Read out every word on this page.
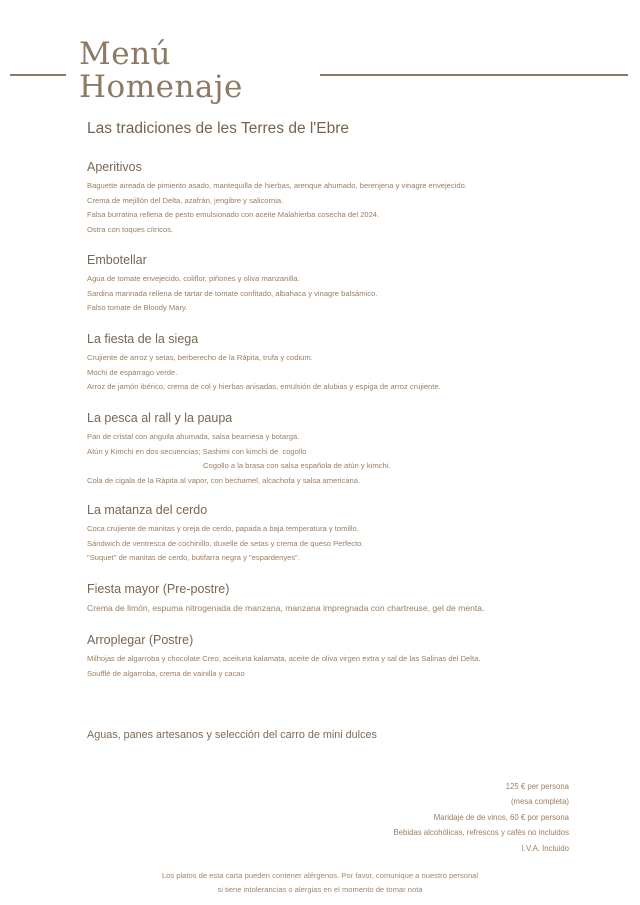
Menú
Homenaje
Las tradiciones de les Terres de l'Ebre
Aperitivos
Baguette aireada de pimiento asado, mantequilla de hierbas, arenque ahumado, berenjena y vinagre envejecido.
Crema de mejillón del Delta, azafrán, jengibre y salicornia.
Falsa burratina rellena de pesto emulsionado con aceite Malahierba cosecha del 2024.
Ostra con toques cítricos.
Embotellar
Agua de tomate envejecido, coliflor, piñones y oliva manzanilla.
Sardina marinada rellena de tartar de tomate confitado, albahaca y vinagre balsámico.
Falso tomate de Bloody Mary.
La fiesta de la siega
Crujiente de arroz y setas, berberecho de la Ràpita, trufa y codium.
Mochi de espárrago verde.
Arroz de jamón ibérico, crema de col y hierbas anisadas, emulsión de alubias y espiga de arroz crujiente.
La pesca al rall y la paupa
Pan de cristal con anguila ahumada, salsa bearnesa y botarga.
Atún y Kimchi en dos secuencias; Sashimi con kimchi de  cogollo
Cogollo a la brasa con salsa española de atún y kimchi.
Cola de cigala de la Ràpita al vapor, con bechamel, alcachofa y salsa americana.
La matanza del cerdo
Coca crujiente de manitas y oreja de cerdo, papada a baja temperatura y tomillo.
Sándwich de ventresca de cochinillo, duxelle de setas y crema de queso Perfecto.
"Suquet" de manitas de cerdo, butifarra negra y "espardenyes".
Fiesta mayor (Pre-postre)
Crema de limón, espuma nitrogenada de manzana, manzana impregnada con chartreuse, gel de menta.
Arroplegar (Postre)
Milhojas de algarroba y chocolate Creo, aceituna kalamata, aceite de oliva virgen extra y sal de las Salinas del Delta.
Soufflé de algarroba, crema de vainilla y cacao

Aguas, panes artesanos y selección del carro de mini dulces

125 € per persona
(mesa completa)
Maridaje de de vinos, 60 € por persona
Bebidas alcohólicas, refrescos y cafés no incluidos
I.V.A. Incluido
Los platos de esta carta pueden contener alérgenos. Por favor, comunique a nuestro personal
si tiene intolerancias o alergias en el momento de tomar nota
